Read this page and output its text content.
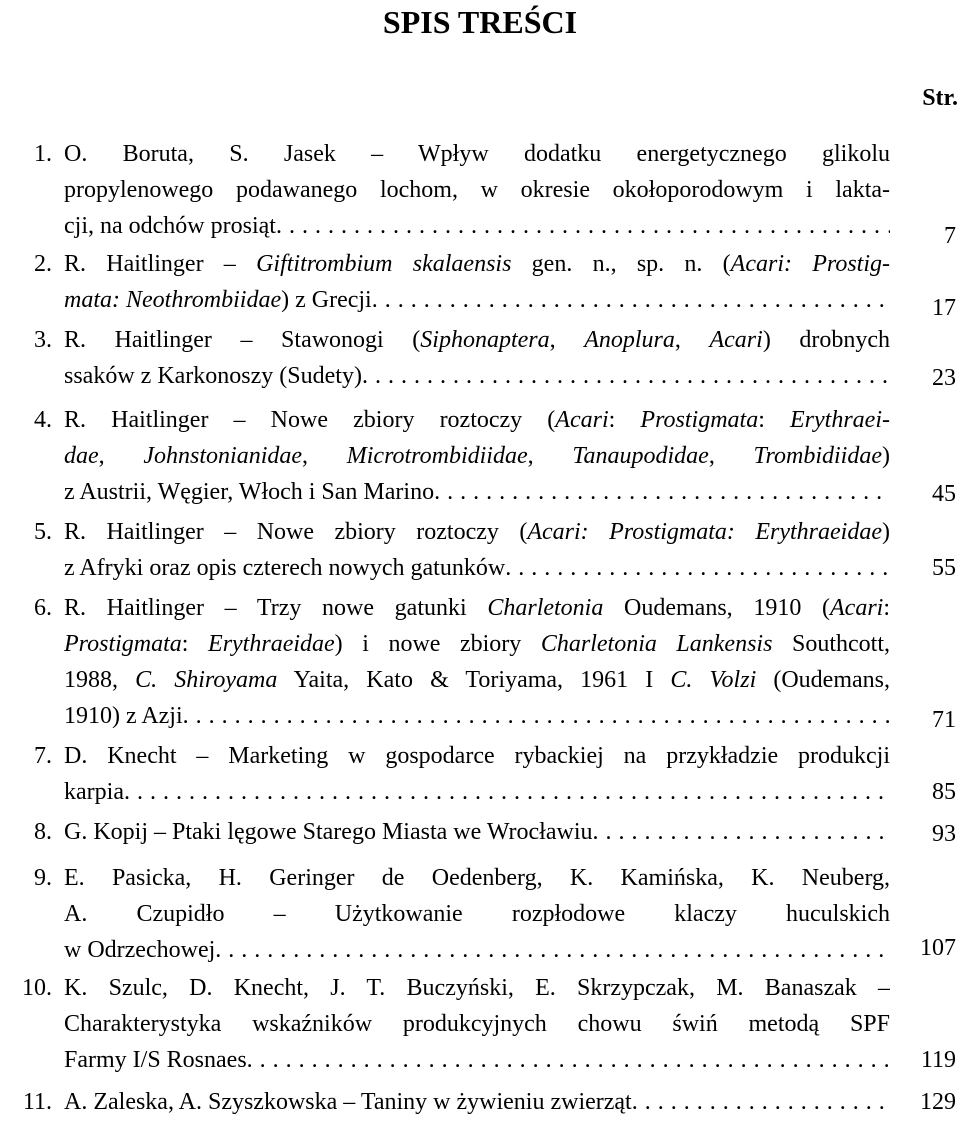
SPIS TREŚCI
Str.
1. O. Boruta, S. Jasek – Wpływ dodatku energetycznego glikolu
propylenowego podawanego lochom, w okresie okołoporodowym i lakta-
cji, na odchów prosiąt . . .	7
2. R. Haitlinger – Giftitrombium skalaensis gen. n., sp. n. (Acari: Prostig-
mata: Neothrombiidae) z Grecji . . .	17
3. R. Haitlinger – Stawonogi (Siphonaptera, Anoplura, Acari) drobnych
ssaków z Karkonoszy (Sudety) . . .	23
4. R. Haitlinger – Nowe zbiory roztoczy (Acari: Prostigmata: Erythraei-
dae, Johnstonianidae, Microtrombidiidae, Tanaupodidae, Trombidiidae)
z Austrii, Węgier, Włoch i San Marino . . .	45
5. R. Haitlinger – Nowe zbiory roztoczy (Acari: Prostigmata: Erythraeidae)
z Afryki oraz opis czterech nowych gatunków . . .	55
6. R. Haitlinger – Trzy nowe gatunki Charletonia Oudemans, 1910 (Acari:
Prostigmata: Erythraeidae) i nowe zbiory Charletonia Lankensis Southcott,
1988, C. Shiroyama Yaita, Kato & Toriyama, 1961 I C. Volzi (Oudemans,
1910) z Azji . . .	71
7. D. Knecht – Marketing w gospodarce rybackiej na przykładzie produkcji
karpia . . .	85
8. G. Kopij – Ptaki lęgowe Starego Miasta we Wrocławiu . . .	93
9. E. Pasicka, H. Geringer de Oedenberg, K. Kamińska, K. Neuberg,
A. Czupidło – Użytkowanie rozpłodowe klaczy huculskich
w Odrzechowej . . .	107
10. K. Szulc, D. Knecht, J. T. Buczyński, E. Skrzypczak, M. Banaszak –
Charakterystyka wskaźników produkcyjnych chowu świń metodą SPF
Farmy I/S Rosnaes . . .	119
11. A. Zaleska, A. Szyszkowska – Taniny w żywieniu zwierząt . . .	129
